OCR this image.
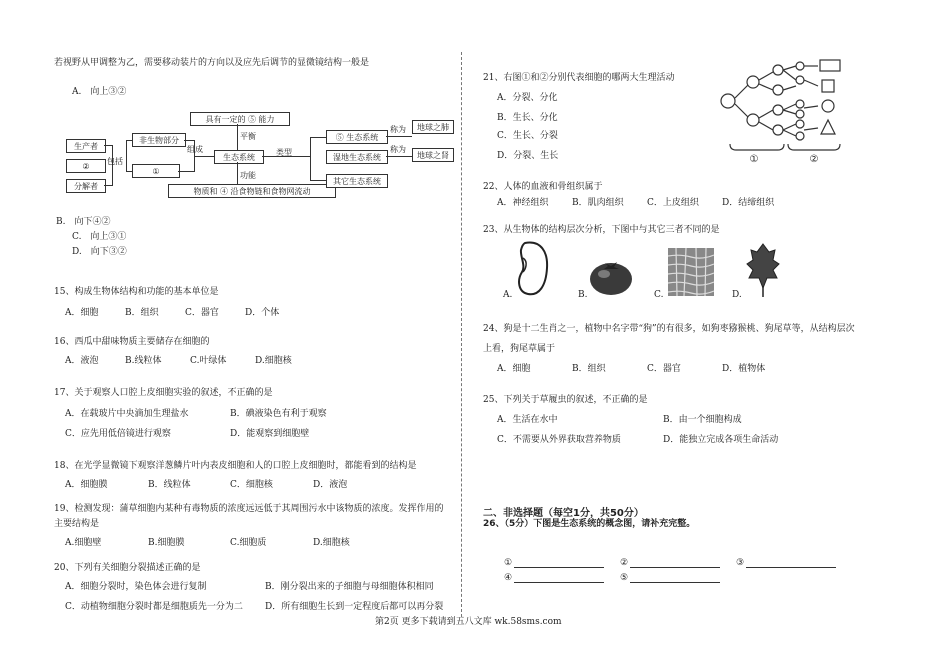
若视野从甲调整为乙，需要移动装片的方向以及应先后调节的显微镜结构一般是
A.　向上③②
生产者
②
分解者
包括
非生物部分
①
组成
生态系统
具有一定的 ⑤ 能力
平衡
功能
物质和 ④ 沿食物链和食物网流动
类型
⑤ 生态系统
湿地生态系统
其它生态系统
称为
称为
地球之肺
地球之肾
B.　向下④②
C.　向上③①
D.　向下③②
15、构成生物体结构和功能的基本单位是
A．细胞	B．组织	C．器官	D．个体
16、西瓜中甜味物质主要储存在细胞的
A．液泡	B.线粒体	C.叶绿体	D.细胞核
17、关于观察人口腔上皮细胞实验的叙述，不正确的是
A．在载玻片中央滴加生理盐水	B．碘液染色有利于观察
C．应先用低倍镜进行观察	D．能观察到细胞壁
18、在光学显微镜下观察洋葱鳞片叶内表皮细胞和人的口腔上皮细胞时，都能看到的结构是
A．细胞膜	B．线粒体	C．细胞核	D．液泡
19、检测发现：蒲草细胞内某种有毒物质的浓度远远低于其周围污水中该物质的浓度。发挥作用的
主要结构是
A.细胞壁	B.细胞膜	C.细胞质	D.细胞核
20、下列有关细胞分裂描述正确的是
A．细胞分裂时，染色体会进行复制	B．刚分裂出来的子细胞与母细胞体积相同
C．动植物细胞分裂时都是细胞质先一分为二 D．所有细胞生长到一定程度后都可以再分裂
21、右图①和②分别代表细胞的哪两大生理活动
A．分裂、分化
B．生长、分化
C．生长、分裂
D．分裂、生长	①	②
22、人体的血液和骨组织属于
A．神经组织	B．肌肉组织	C．上皮组织	D．结缔组织
23、从生物体的结构层次分析，下图中与其它三者不同的是
A.	B.	C.	D.
24、狗是十二生肖之一，植物中名字带“狗”的有很多，如狗枣猕猴桃、狗尾草等，从结构层次
上看，狗尾草属于
A．细胞	B．组织	C．器官	D．植物体
25、下列关于草履虫的叙述，不正确的是
A．生活在水中	B．由一个细胞构成
C．不需要从外界获取营养物质	D．能独立完成各项生命活动
二、非选择题（每空1分，共50分）
26、（5分）下图是生态系统的概念图，请补充完整。
①	②	③
④	⑤
第2页 更多下载请到五八文库 wk.58sms.com
